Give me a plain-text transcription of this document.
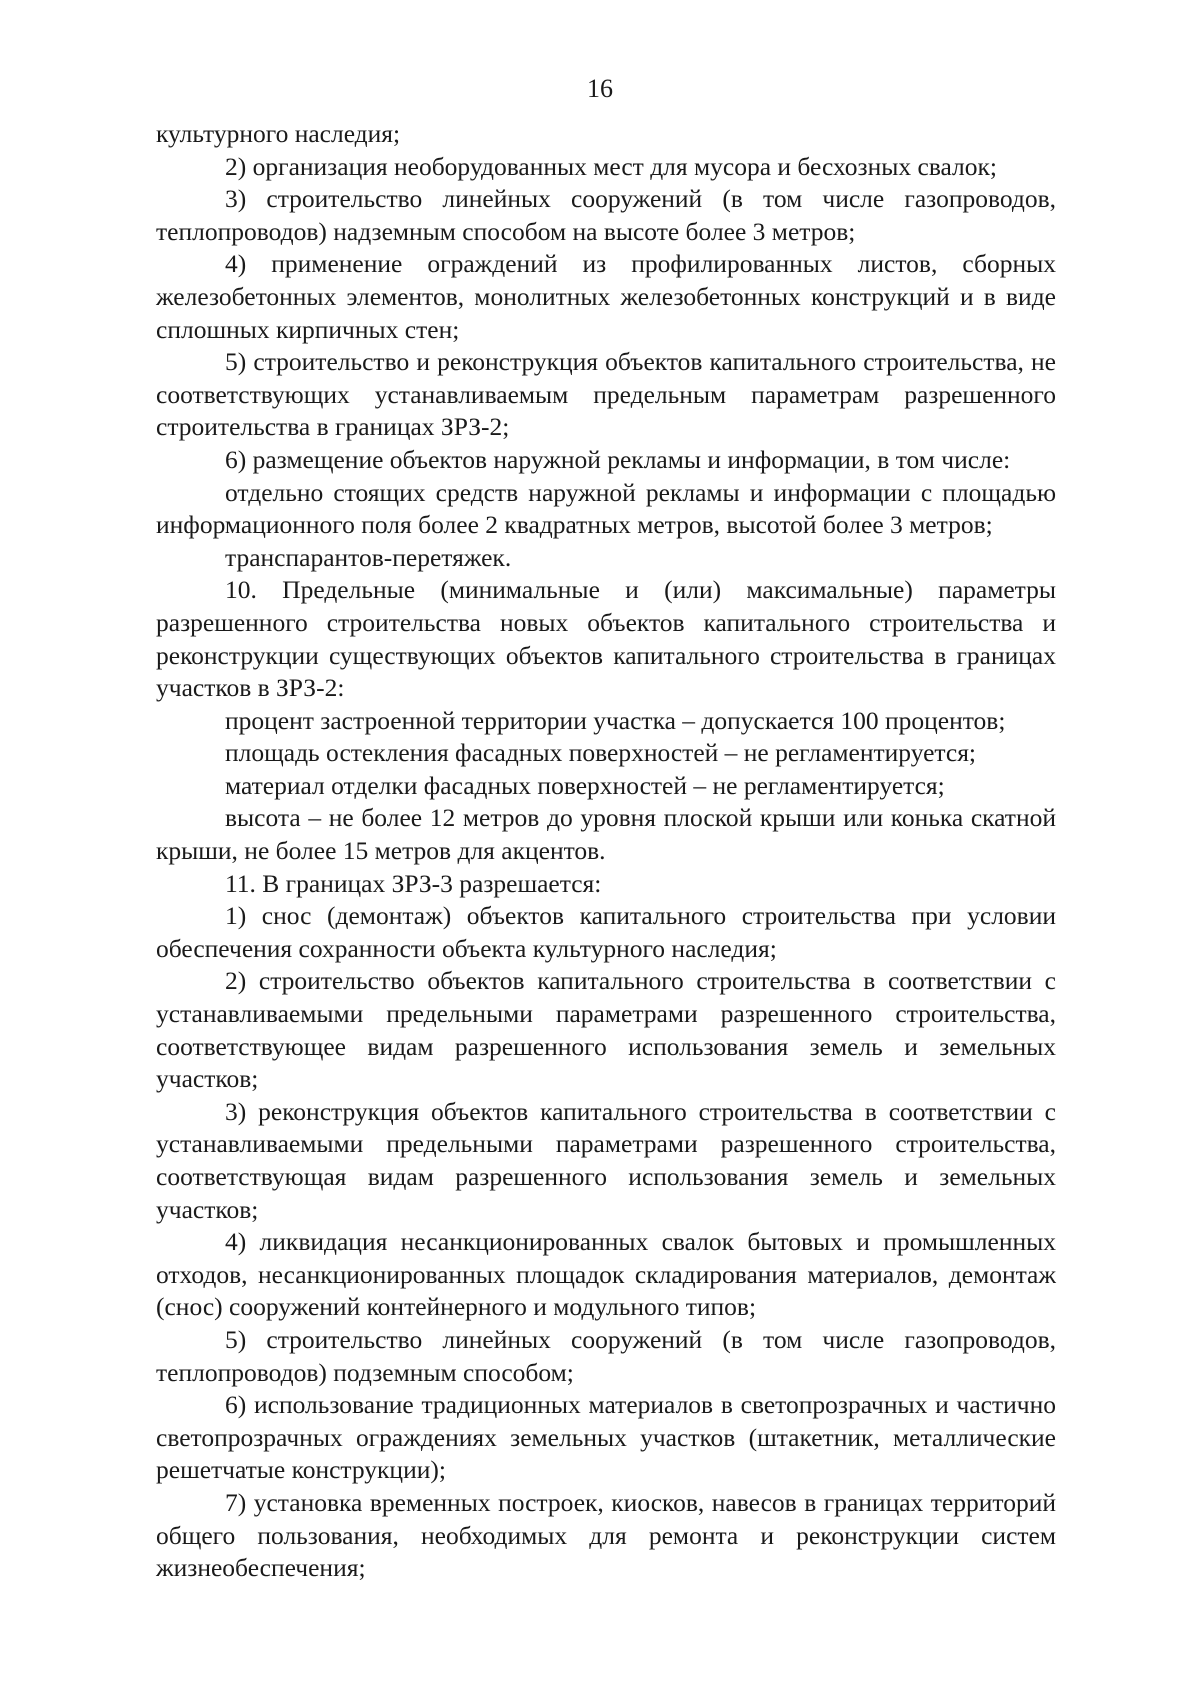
16

культурного наследия;

2) организация необорудованных мест для мусора и бесхозных свалок;

3) строительство линейных сооружений (в том числе газопроводов, теплопроводов) надземным способом на высоте более 3 метров;

4) применение ограждений из профилированных листов, сборных железобетонных элементов, монолитных железобетонных конструкций и в виде сплошных кирпичных стен;

5) строительство и реконструкция объектов капитального строительства, не соответствующих устанавливаемым предельным параметрам разрешенного строительства в границах ЗРЗ-2;

6) размещение объектов наружной рекламы и информации, в том числе:

отдельно стоящих средств наружной рекламы и информации с площадью информационного поля более 2 квадратных метров, высотой более 3 метров;

транспарантов-перетяжек.

10. Предельные (минимальные и (или) максимальные) параметры разрешенного строительства новых объектов капитального строительства и реконструкции существующих объектов капитального строительства в границах участков в ЗРЗ-2:

процент застроенной территории участка – допускается 100 процентов;

площадь остекления фасадных поверхностей – не регламентируется;

материал отделки фасадных поверхностей – не регламентируется;

высота – не более 12 метров до уровня плоской крыши или конька скатной крыши, не более 15 метров для акцентов.

11. В границах ЗРЗ-3 разрешается:

1) снос (демонтаж) объектов капитального строительства при условии обеспечения сохранности объекта культурного наследия;

2) строительство объектов капитального строительства в соответствии с устанавливаемыми предельными параметрами разрешенного строительства, соответствующее видам разрешенного использования земель и земельных участков;

3) реконструкция объектов капитального строительства в соответствии с устанавливаемыми предельными параметрами разрешенного строительства, соответствующая видам разрешенного использования земель и земельных участков;

4) ликвидация несанкционированных свалок бытовых и промышленных отходов, несанкционированных площадок складирования материалов, демонтаж (снос) сооружений контейнерного и модульного типов;

5) строительство линейных сооружений (в том числе газопроводов, теплопроводов) подземным способом;

6) использование традиционных материалов в светопрозрачных и частично светопрозрачных ограждениях земельных участков (штакетник, металлические решетчатые конструкции);

7) установка временных построек, киосков, навесов в границах территорий общего пользования, необходимых для ремонта и реконструкции систем жизнеобеспечения;
